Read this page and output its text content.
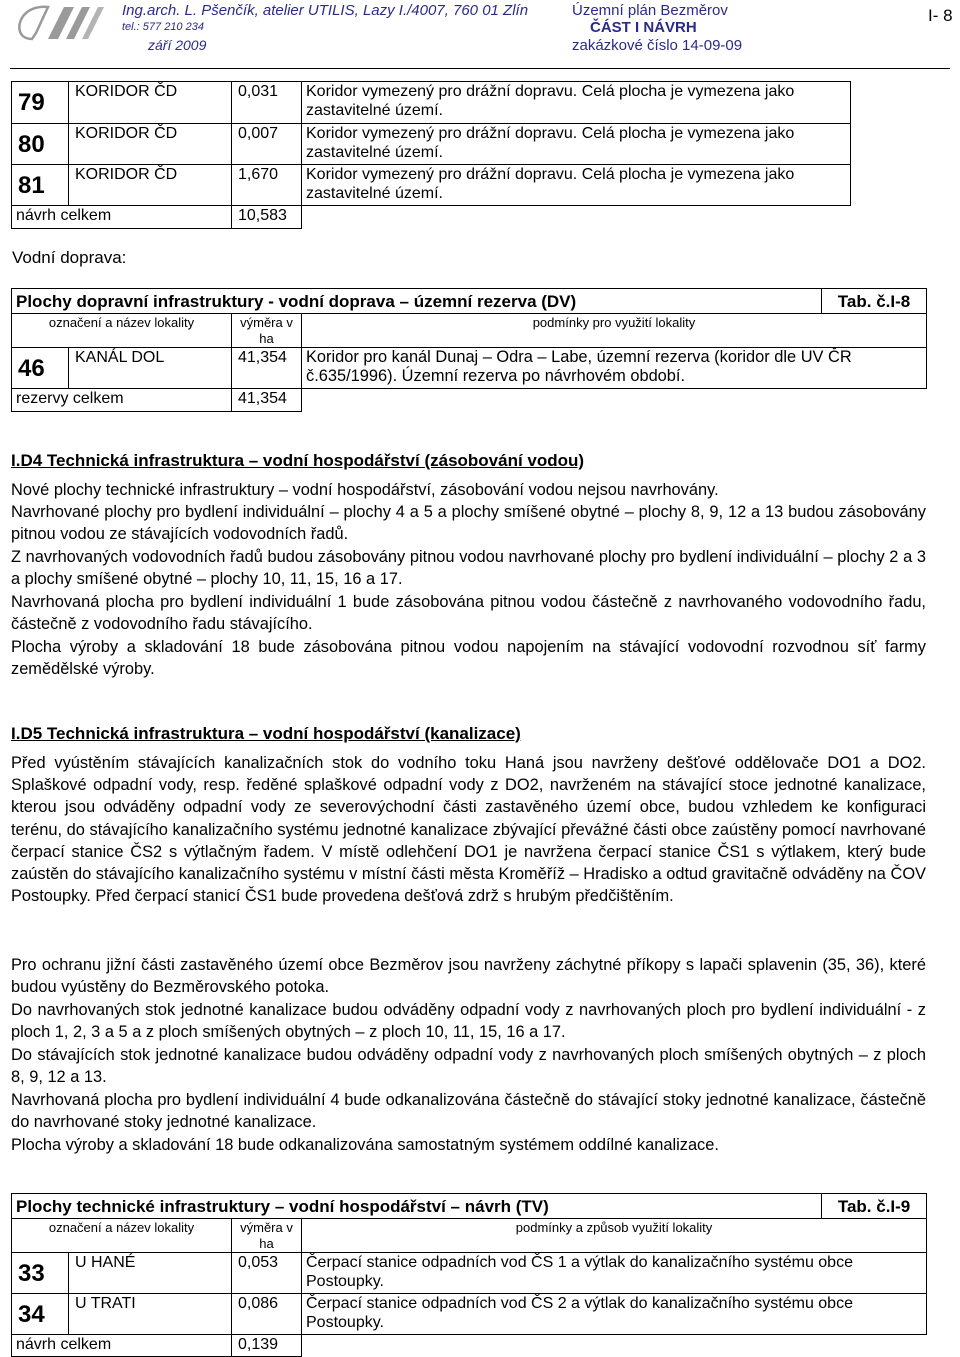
Ing.arch. L. Pšenčík, atelier UTILIS, Lazy I./4007, 760 01 Zlín
tel.: 577 210 234
září 2009
Územní plán Bezměrov
ČÁST I NÁVRH
zakázkové číslo 14-09-09
I- 8
79	KORIDOR ČD	0,031	Koridor vymezený pro drážní dopravu. Celá plocha je vymezena jako zastavitelné území.
80	KORIDOR ČD	0,007	Koridor vymezený pro drážní dopravu. Celá plocha je vymezena jako zastavitelné území.
81	KORIDOR ČD	1,670	Koridor vymezený pro drážní dopravu. Celá plocha je vymezena jako zastavitelné území.
návrh celkem		10,583	
Vodní doprava:
Plochy dopravní infrastruktury - vodní doprava – územní rezerva (DV)				Tab. č.I-8
označení a název lokality		výměra v ha	podmínky pro využití lokality	
46	KANÁL DOL	41,354	Koridor pro kanál Dunaj – Odra – Labe, územní rezerva (koridor dle UV ČR č.635/1996). Územní rezerva po návrhovém období.	
rezervy celkem		41,354		
I.D4 Technická infrastruktura – vodní hospodářství (zásobování vodou)

Nové plochy technické infrastruktury – vodní hospodářství, zásobování vodou nejsou navrhovány.

Navrhované plochy pro bydlení individuální – plochy 4 a 5 a plochy smíšené obytné – plochy 8, 9, 12 a 13 budou zásobovány pitnou vodou ze stávajících vodovodních řadů.

Z navrhovaných vodovodních řadů budou zásobovány pitnou vodou navrhované plochy pro bydlení individuální – plochy 2 a 3 a plochy smíšené obytné – plochy 10, 11, 15, 16 a 17.

Navrhovaná plocha pro bydlení individuální 1 bude zásobována pitnou vodou částečně z navrhovaného vodovodního řadu, částečně z vodovodního řadu stávajícího.

Plocha výroby a skladování 18 bude zásobována pitnou vodou napojením na stávající vodovodní rozvodnou síť farmy zemědělské výroby.

I.D5 Technická infrastruktura – vodní hospodářství (kanalizace)

Před vyústěním stávajících kanalizačních stok do vodního toku Haná jsou navrženy dešťové oddělovače DO1 a DO2. Splaškové odpadní vody, resp. ředěné splaškové odpadní vody z DO2, navrženém na stávající stoce jednotné kanalizace, kterou jsou odváděny odpadní vody ze severovýchodní části zastavěného území obce, budou vzhledem ke konfiguraci terénu, do stávajícího kanalizačního systému jednotné kanalizace zbývající převážné části obce zaústěny pomocí navrhované čerpací stanice ČS2 s výtlačným řadem. V místě odlehčení DO1 je navržena čerpací stanice ČS1 s výtlakem, který bude zaústěn do stávajícího kanalizačního systému v místní části města Kroměříž – Hradisko a odtud gravitačně odváděny na ČOV Postoupky. Před čerpací stanicí ČS1 bude provedena dešťová zdrž s hrubým předčištěním.

Pro ochranu jižní části zastavěného území obce Bezměrov jsou navrženy záchytné příkopy s lapači splavenin (35, 36), které budou vyústěny do Bezměrovského potoka.

Do navrhovaných stok jednotné kanalizace budou odváděny odpadní vody z navrhovaných ploch pro bydlení individuální - z ploch 1, 2, 3 a 5 a z ploch smíšených obytných – z ploch 10, 11, 15, 16 a 17.

Do stávajících stok jednotné kanalizace budou odváděny odpadní vody z navrhovaných ploch smíšených obytných – z ploch 8, 9, 12 a 13.

Navrhovaná plocha pro bydlení individuální 4 bude odkanalizována částečně do stávající stoky jednotné kanalizace, částečně do navrhované stoky jednotné kanalizace.

Plocha výroby a skladování 18 bude odkanalizována samostatným systémem oddílné kanalizace.

Plochy technické infrastruktury – vodní hospodářství – návrh (TV)				Tab. č.I-9
označení a název lokality		výměra v ha	podmínky a způsob využití lokality	
33	U HANÉ	0,053	Čerpací stanice odpadních vod ČS 1 a výtlak do kanalizačního systému obce Postoupky.	
34	U TRATI	0,086	Čerpací stanice odpadních vod ČS 2 a výtlak do kanalizačního systému obce Postoupky.	
návrh celkem		0,139		
